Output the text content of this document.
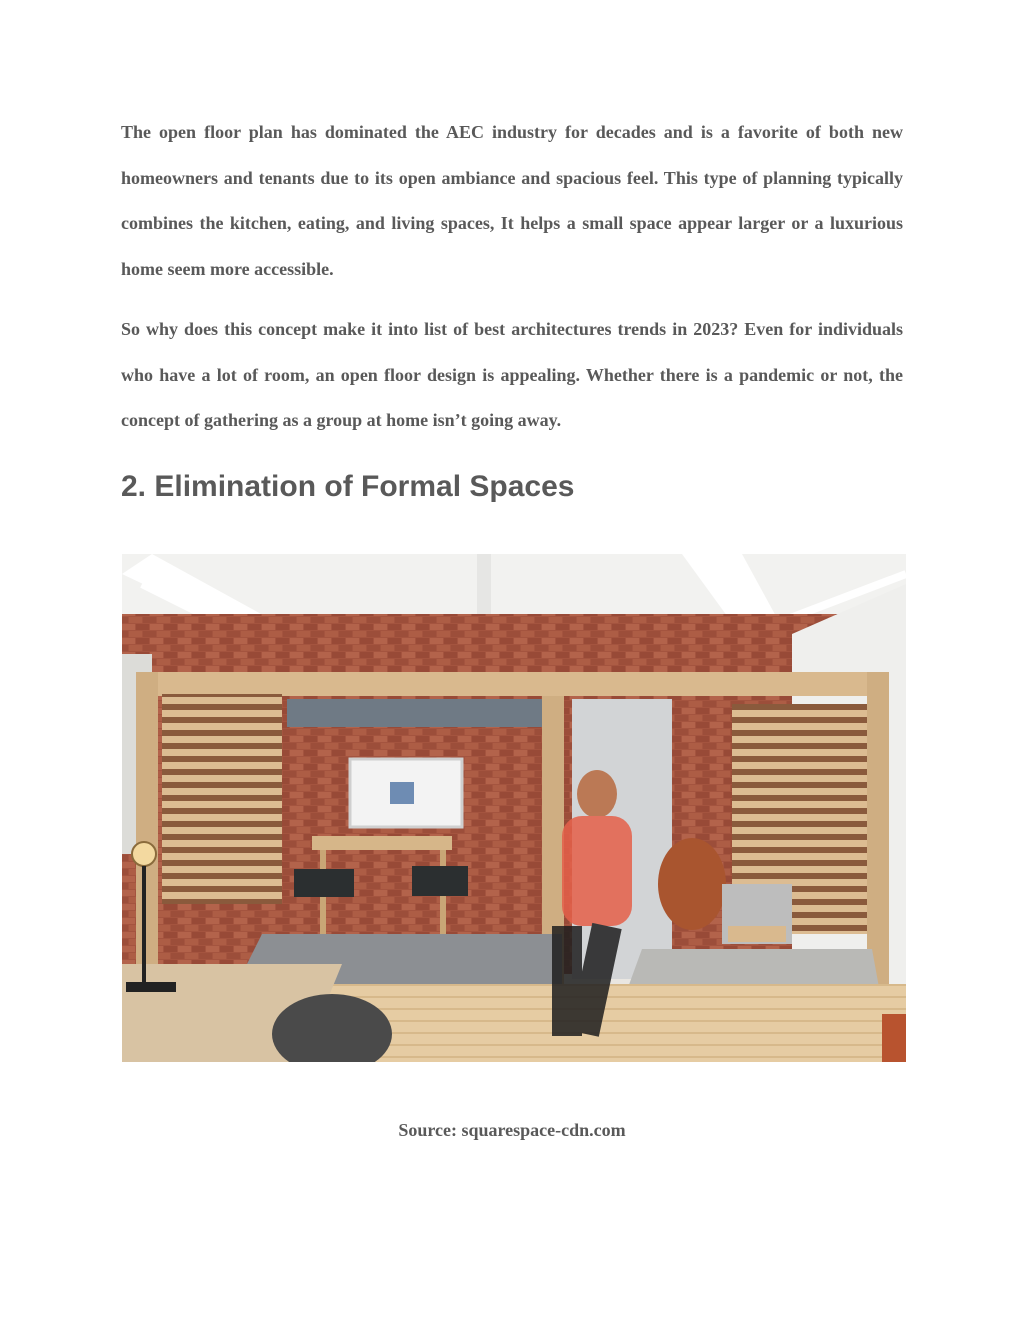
The open floor plan has dominated the AEC industry for decades and is a favorite of both new homeowners and tenants due to its open ambiance and spacious feel. This type of planning typically combines the kitchen, eating, and living spaces, It helps a small space appear larger or a luxurious home seem more accessible.

So why does this concept make it into list of best architectures trends in 2023? Even for individuals who have a lot of room, an open floor design is appealing. Whether there is a pandemic or not, the concept of gathering as a group at home isn’t going away.

2. Elimination of Formal Spaces

Source: squarespace-cdn.com
